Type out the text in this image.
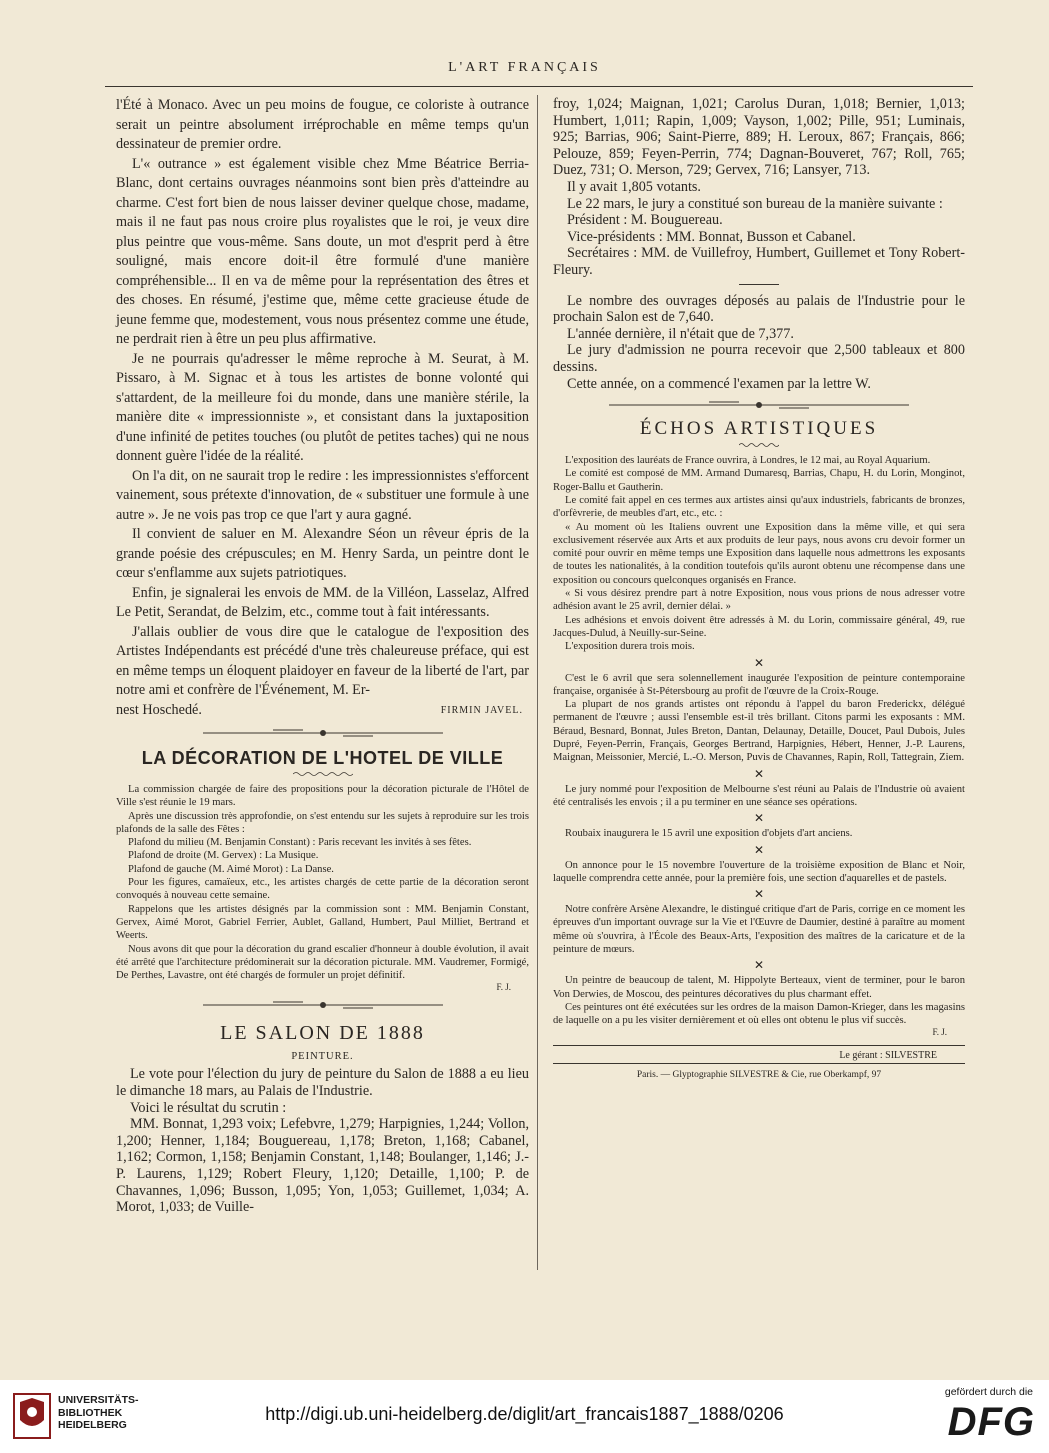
L'ART FRANÇAIS

l'Été à Monaco. Avec un peu moins de fougue, ce coloriste à outrance serait un peintre absolument irréprochable en même temps qu'un dessinateur de premier ordre.

L'« outrance » est également visible chez Mme Béatrice Berria-Blanc, dont certains ouvrages néanmoins sont bien près d'atteindre au charme. C'est fort bien de nous laisser deviner quelque chose, madame, mais il ne faut pas nous croire plus royalistes que le roi, je veux dire plus peintre que vous-même. Sans doute, un mot d'esprit perd à être souligné, mais encore doit-il être formulé d'une manière compréhensible... Il en va de même pour la représentation des êtres et des choses. En résumé, j'estime que, même cette gracieuse étude de jeune femme que, modestement, vous nous présentez comme une étude, ne perdrait rien à être un peu plus affirmative.

Je ne pourrais qu'adresser le même reproche à M. Seurat, à M. Pissaro, à M. Signac et à tous les artistes de bonne volonté qui s'attardent, de la meilleure foi du monde, dans une manière stérile, la manière dite « impressionniste », et consistant dans la juxtaposition d'une infinité de petites touches (ou plutôt de petites taches) qui ne nous donnent guère l'idée de la réalité.

On l'a dit, on ne saurait trop le redire : les impressionnistes s'efforcent vainement, sous prétexte d'innovation, de « substituer une formule à une autre ». Je ne vois pas trop ce que l'art y aura gagné.

Il convient de saluer en M. Alexandre Séon un rêveur épris de la grande poésie des crépuscules; en M. Henry Sarda, un peintre dont le cœur s'enflamme aux sujets patriotiques.

Enfin, je signalerai les envois de MM. de la Villéon, Lasselaz, Alfred Le Petit, Serandat, de Belzim, etc., comme tout à fait intéressants.

J'allais oublier de vous dire que le catalogue de l'exposition des Artistes Indépendants est précédé d'une très chaleureuse préface, qui est en même temps un éloquent plaidoyer en faveur de la liberté de l'art, par notre ami et confrère de l'Événement, M. Er-

nest Hoschedé.	FIRMIN JAVEL.
LA DÉCORATION DE L'HOTEL DE VILLE

La commission chargée de faire des propositions pour la décoration picturale de l'Hôtel de Ville s'est réunie le 19 mars.

Après une discussion très approfondie, on s'est entendu sur les sujets à reproduire sur les trois plafonds de la salle des Fêtes :

Plafond du milieu (M. Benjamin Constant) : Paris recevant les invités à ses fêtes.

Plafond de droite (M. Gervex) : La Musique.

Plafond de gauche (M. Aimé Morot) : La Danse.

Pour les figures, camaïeux, etc., les artistes chargés de cette partie de la décoration seront convoqués à nouveau cette semaine.

Rappelons que les artistes désignés par la commission sont : MM. Benjamin Constant, Gervex, Aimé Morot, Gabriel Ferrier, Aublet, Galland, Humbert, Paul Milliet, Bertrand et Weerts.

Nous avons dit que pour la décoration du grand escalier d'honneur à double évolution, il avait été arrêté que l'architecture prédominerait sur la décoration picturale. MM. Vaudremer, Formigé, De Perthes, Lavastre, ont été chargés de formuler un projet définitif.

F. J.
LE SALON DE 1888
PEINTURE.

Le vote pour l'élection du jury de peinture du Salon de 1888 a eu lieu le dimanche 18 mars, au Palais de l'Industrie.

Voici le résultat du scrutin :

MM. Bonnat, 1,293 voix; Lefebvre, 1,279; Harpignies, 1,244; Vollon, 1,200; Henner, 1,184; Bouguereau, 1,178; Breton, 1,168; Cabanel, 1,162; Cormon, 1,158; Benjamin Constant, 1,148; Boulanger, 1,146; J.-P. Laurens, 1,129; Robert Fleury, 1,120; Detaille, 1,100; P. de Chavannes, 1,096; Busson, 1,095; Yon, 1,053; Guillemet, 1,034; A. Morot, 1,033; de Vuille-

froy, 1,024; Maignan, 1,021; Carolus Duran, 1,018; Bernier, 1,013; Humbert, 1,011; Rapin, 1,009; Vayson, 1,002; Pille, 951; Luminais, 925; Barrias, 906; Saint-Pierre, 889; H. Leroux, 867; Français, 866; Pelouze, 859; Feyen-Perrin, 774; Dagnan-Bouveret, 767; Roll, 765; Duez, 731; O. Merson, 729; Gervex, 716; Lansyer, 713.

Il y avait 1,805 votants.

Le 22 mars, le jury a constitué son bureau de la manière suivante :

Président : M. Bouguereau.

Vice-présidents : MM. Bonnat, Busson et Cabanel.

Secrétaires : MM. de Vuillefroy, Humbert, Guillemet et Tony Robert-Fleury.

Le nombre des ouvrages déposés au palais de l'Industrie pour le prochain Salon est de 7,640.

L'année dernière, il n'était que de 7,377.

Le jury d'admission ne pourra recevoir que 2,500 tableaux et 800 dessins.

Cette année, on a commencé l'examen par la lettre W.

ÉCHOS ARTISTIQUES

L'exposition des lauréats de France ouvrira, à Londres, le 12 mai, au Royal Aquarium.

Le comité est composé de MM. Armand Dumaresq, Barrias, Chapu, H. du Lorin, Monginot, Roger-Ballu et Gautherin.

Le comité fait appel en ces termes aux artistes ainsi qu'aux industriels, fabricants de bronzes, d'orfèvrerie, de meubles d'art, etc., etc. :

« Au moment où les Italiens ouvrent une Exposition dans la même ville, et qui sera exclusivement réservée aux Arts et aux produits de leur pays, nous avons cru devoir former un comité pour ouvrir en même temps une Exposition dans laquelle nous admettrons les exposants de toutes les nationalités, à la condition toutefois qu'ils auront obtenu une récompense dans une exposition ou concours quelconques organisés en France.

« Si vous désirez prendre part à notre Exposition, nous vous prions de nous adresser votre adhésion avant le 25 avril, dernier délai. »

Les adhésions et envois doivent être adressés à M. du Lorin, commissaire général, 49, rue Jacques-Dulud, à Neuilly-sur-Seine.

L'exposition durera trois mois.

✕

C'est le 6 avril que sera solennellement inaugurée l'exposition de peinture contemporaine française, organisée à St-Pétersbourg au profit de l'œuvre de la Croix-Rouge.

La plupart de nos grands artistes ont répondu à l'appel du baron Frederickx, délégué permanent de l'œuvre ; aussi l'ensemble est-il très brillant. Citons parmi les exposants : MM. Béraud, Besnard, Bonnat, Jules Breton, Dantan, Delaunay, Detaille, Doucet, Paul Dubois, Jules Dupré, Feyen-Perrin, Français, Georges Bertrand, Harpignies, Hébert, Henner, J.-P. Laurens, Maignan, Meissonier, Mercié, L.-O. Merson, Puvis de Chavannes, Rapin, Roll, Tattegrain, Ziem.

✕

Le jury nommé pour l'exposition de Melbourne s'est réuni au Palais de l'Industrie où avaient été centralisés les envois ; il a pu terminer en une séance ses opérations.

✕

Roubaix inaugurera le 15 avril une exposition d'objets d'art anciens.

✕

On annonce pour le 15 novembre l'ouverture de la troisième exposition de Blanc et Noir, laquelle comprendra cette année, pour la première fois, une section d'aquarelles et de pastels.

✕

Notre confrère Arsène Alexandre, le distingué critique d'art de Paris, corrige en ce moment les épreuves d'un important ouvrage sur la Vie et l'Œuvre de Daumier, destiné à paraître au moment même où s'ouvrira, à l'École des Beaux-Arts, l'exposition des maîtres de la caricature et de la peinture de mœurs.

✕

Un peintre de beaucoup de talent, M. Hippolyte Berteaux, vient de terminer, pour le baron Von Derwies, de Moscou, des peintures décoratives du plus charmant effet.

Ces peintures ont été exécutées sur les ordres de la maison Damon-Krieger, dans les magasins de laquelle on a pu les visiter dernièrement et où elles ont obtenu le plus vif succès.

F. J.
Le gérant : SILVESTRE
Paris. — Glyptographie SILVESTRE & Cie, rue Oberkampf, 97
UNIVERSITÄTS-
BIBLIOTHEK
HEIDELBERG
http://digi.ub.uni-heidelberg.de/diglit/art_francais1887_1888/0206
gefördert durch die
DFG
